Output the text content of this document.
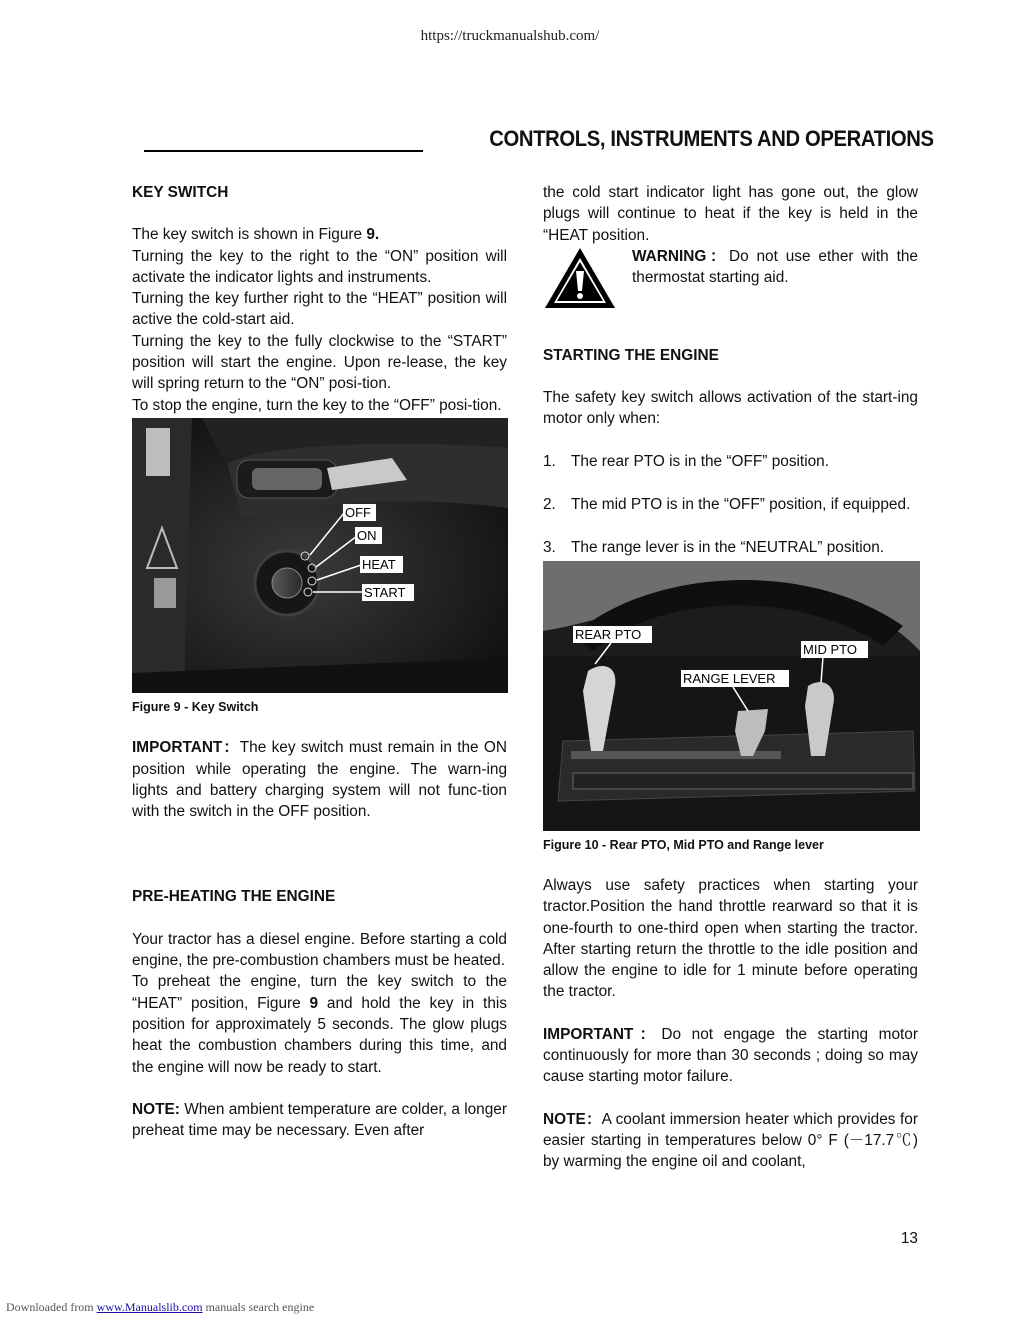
https://truckmanualshub.com/
CONTROLS, INSTRUMENTS AND OPERATIONS
KEY SWITCH

The key switch is shown in Figure 9.

Turning the key to the right to the “ON” position will activate the indicator lights and instruments.

Turning the key further right to the “HEAT” position will active the cold-start aid.

Turning the key to the fully clockwise to the “START” position will start the engine. Upon re-lease, the key will spring return to the “ON” posi-tion.

To stop the engine, turn the key to the “OFF” posi-tion.

OFF
ON
HEAT
START

Figure 9 - Key Switch

IMPORTANT：The key switch must remain in the ON position while operating the engine. The warn-ing lights and battery charging system will not func-tion with the switch in the OFF position.

PRE-HEATING THE ENGINE

Your tractor has a diesel engine. Before starting a cold engine, the pre-combustion chambers must be heated.

To preheat the engine, turn the key switch to the “HEAT” position, Figure 9 and hold the key in this position for approximately 5 seconds. The glow plugs heat the combustion chambers during this time, and the engine will now be ready to start.

NOTE: When ambient temperature are colder, a longer preheat time may be necessary. Even after

the cold start indicator light has gone out, the glow plugs will continue to heat if the key is held in the “HEAT position.

WARNING：Do not use ether with the thermostat starting aid.

STARTING THE ENGINE

The safety key switch allows activation of the start-ing motor only when:

1. The rear PTO is in the “OFF” position.
2. The mid PTO is in the “OFF” position, if equipped.
3. The range lever is in the “NEUTRAL” position.
REAR PTO
MID PTO
RANGE LEVER

Figure 10 - Rear PTO, Mid PTO and Range lever

Always use safety practices when starting your tractor.Position the hand throttle rearward so that it is one-fourth to one-third open when starting the tractor. After starting return the throttle to the idle position and allow the engine to idle for 1 minute before operating the tractor.

IMPORTANT：Do not engage the starting motor continuously for more than 30 seconds ; doing so may cause starting motor failure.

NOTE：A coolant immersion heater which provides for easier starting in temperatures below 0° F (－17.7℃) by warming the engine oil and coolant,

13
Downloaded from www.Manualslib.com manuals search engine
